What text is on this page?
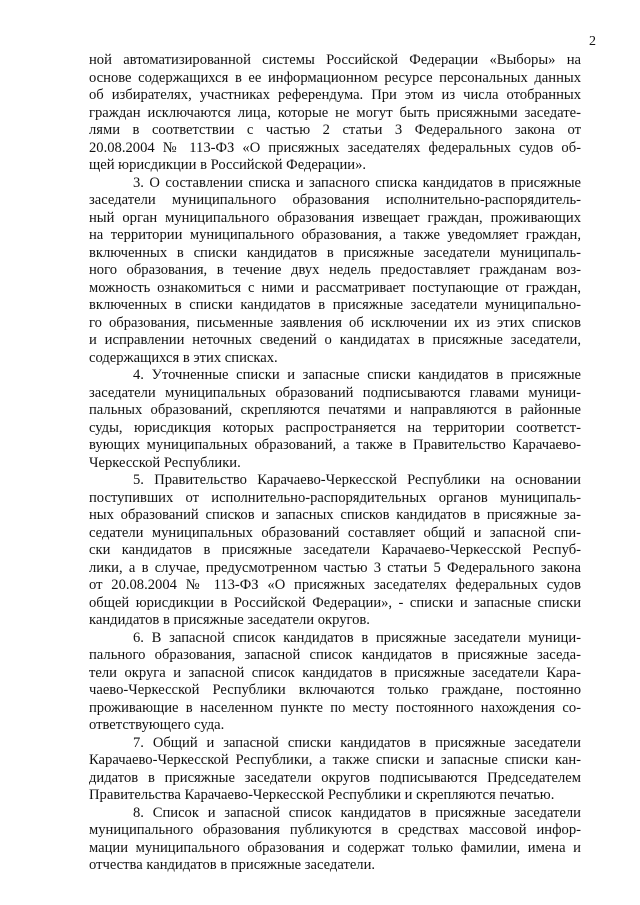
2
ной автоматизированной системы Российской Федерации «Выборы» на
основе содержащихся в ее информационном ресурсе персональных данных
об избирателях, участниках референдума. При этом из числа отобранных
граждан исключаются лица, которые не могут быть присяжными заседате-
лями в соответствии с частью 2 статьи 3 Федерального закона от
20.08.2004 № 113-ФЗ «О присяжных заседателях федеральных судов об-
щей юрисдикции в Российской Федерации».
3. О составлении списка и запасного списка кандидатов в присяжные
заседатели муниципального образования исполнительно-распорядитель-
ный орган муниципального образования извещает граждан, проживающих
на территории муниципального образования, а также уведомляет граждан,
включенных в списки кандидатов в присяжные заседатели муниципаль-
ного образования, в течение двух недель предоставляет гражданам воз-
можность ознакомиться с ними и рассматривает поступающие от граждан,
включенных в списки кандидатов в присяжные заседатели муниципально-
го образования, письменные заявления об исключении их из этих списков
и исправлении неточных сведений о кандидатах в присяжные заседатели,
содержащихся в этих списках.
4. Уточненные списки и запасные списки кандидатов в присяжные
заседатели муниципальных образований подписываются главами муници-
пальных образований, скрепляются печатями и направляются в районные
суды, юрисдикция которых распространяется на территории соответст-
вующих муниципальных образований, а также в Правительство Карачаево-
Черкесской Республики.
5. Правительство Карачаево-Черкесской Республики на основании
поступивших от исполнительно-распорядительных органов муниципаль-
ных образований списков и запасных списков кандидатов в присяжные за-
седатели муниципальных образований составляет общий и запасной спи-
ски кандидатов в присяжные заседатели Карачаево-Черкесской Респуб-
лики, а в случае, предусмотренном частью 3 статьи 5 Федерального закона
от 20.08.2004 № 113-ФЗ «О присяжных заседателях федеральных судов
общей юрисдикции в Российской Федерации», - списки и запасные списки
кандидатов в присяжные заседатели округов.
6. В запасной список кандидатов в присяжные заседатели муници-
пального образования, запасной список кандидатов в присяжные заседа-
тели округа и запасной список кандидатов в присяжные заседатели Кара-
чаево-Черкесской Республики включаются только граждане, постоянно
проживающие в населенном пункте по месту постоянного нахождения со-
ответствующего суда.
7. Общий и запасной списки кандидатов в присяжные заседатели
Карачаево-Черкесской Республики, а также списки и запасные списки кан-
дидатов в присяжные заседатели округов подписываются Председателем
Правительства Карачаево-Черкесской Республики и скрепляются печатью.
8. Список и запасной список кандидатов в присяжные заседатели
муниципального образования публикуются в средствах массовой инфор-
мации муниципального образования и содержат только фамилии, имена и
отчества кандидатов в присяжные заседатели.
